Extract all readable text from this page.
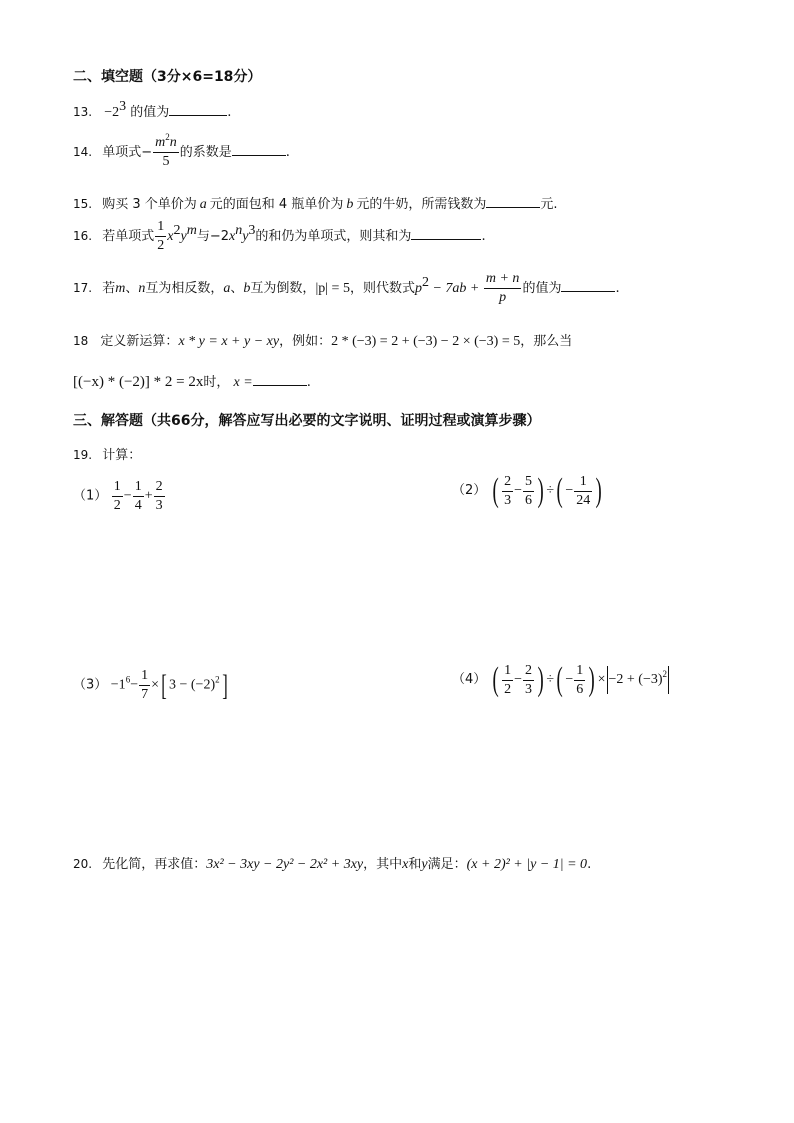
二、填空题（3分×6=18分）
13. $-2^3$ 的值为	.
14. 单项式− $\frac{m^2n}{5}$ 的系数是	.
15. 购买 3 个单价为 a 元的面包和 4 瓶单价为 b 元的牛奶，所需钱数为	元.
16. 若单项式 $\frac{1}{2} x^2y^m$与$-2x^ny^3$的和仍为单项式，则其和为	.
17. 若m、n互为相反数，a、b互为倒数，|p| = 5，则代数式$p^2 - 7ab + \frac{m + n}{p}$ 的值为	.
18 定义新运算：x * y = x + y − xy，例如：2 * (−3) = 2 + (−3) − 2 × (−3) = 5，那么当
[(−x) * (−2)] * 2 = 2x时， x =	.
三、解答题（共66分，解答应写出必要的文字说明、证明过程或演算步骤）
19. 计算：
$(1) \frac{1}{2} - \frac{1}{4} + \frac{2}{3}$	（2） ( $\frac{2}{3} - \frac{5}{6}$ ) ÷( − $\frac{1}{24}$ )
$(3) -1^6- \frac{1}{7}$ ×[ $3 - (-2)^2$]	（4） ( $\frac{1}{2} - \frac{2}{3}$ ) ÷( − $\frac{1}{6}$ ) × $-2 + (-3)^2$
20. 先化简，再求值：3x² − 3xy − 2y² − 2x² + 3xy，其中x和y满足：(x + 2)² + |y − 1| = 0.
